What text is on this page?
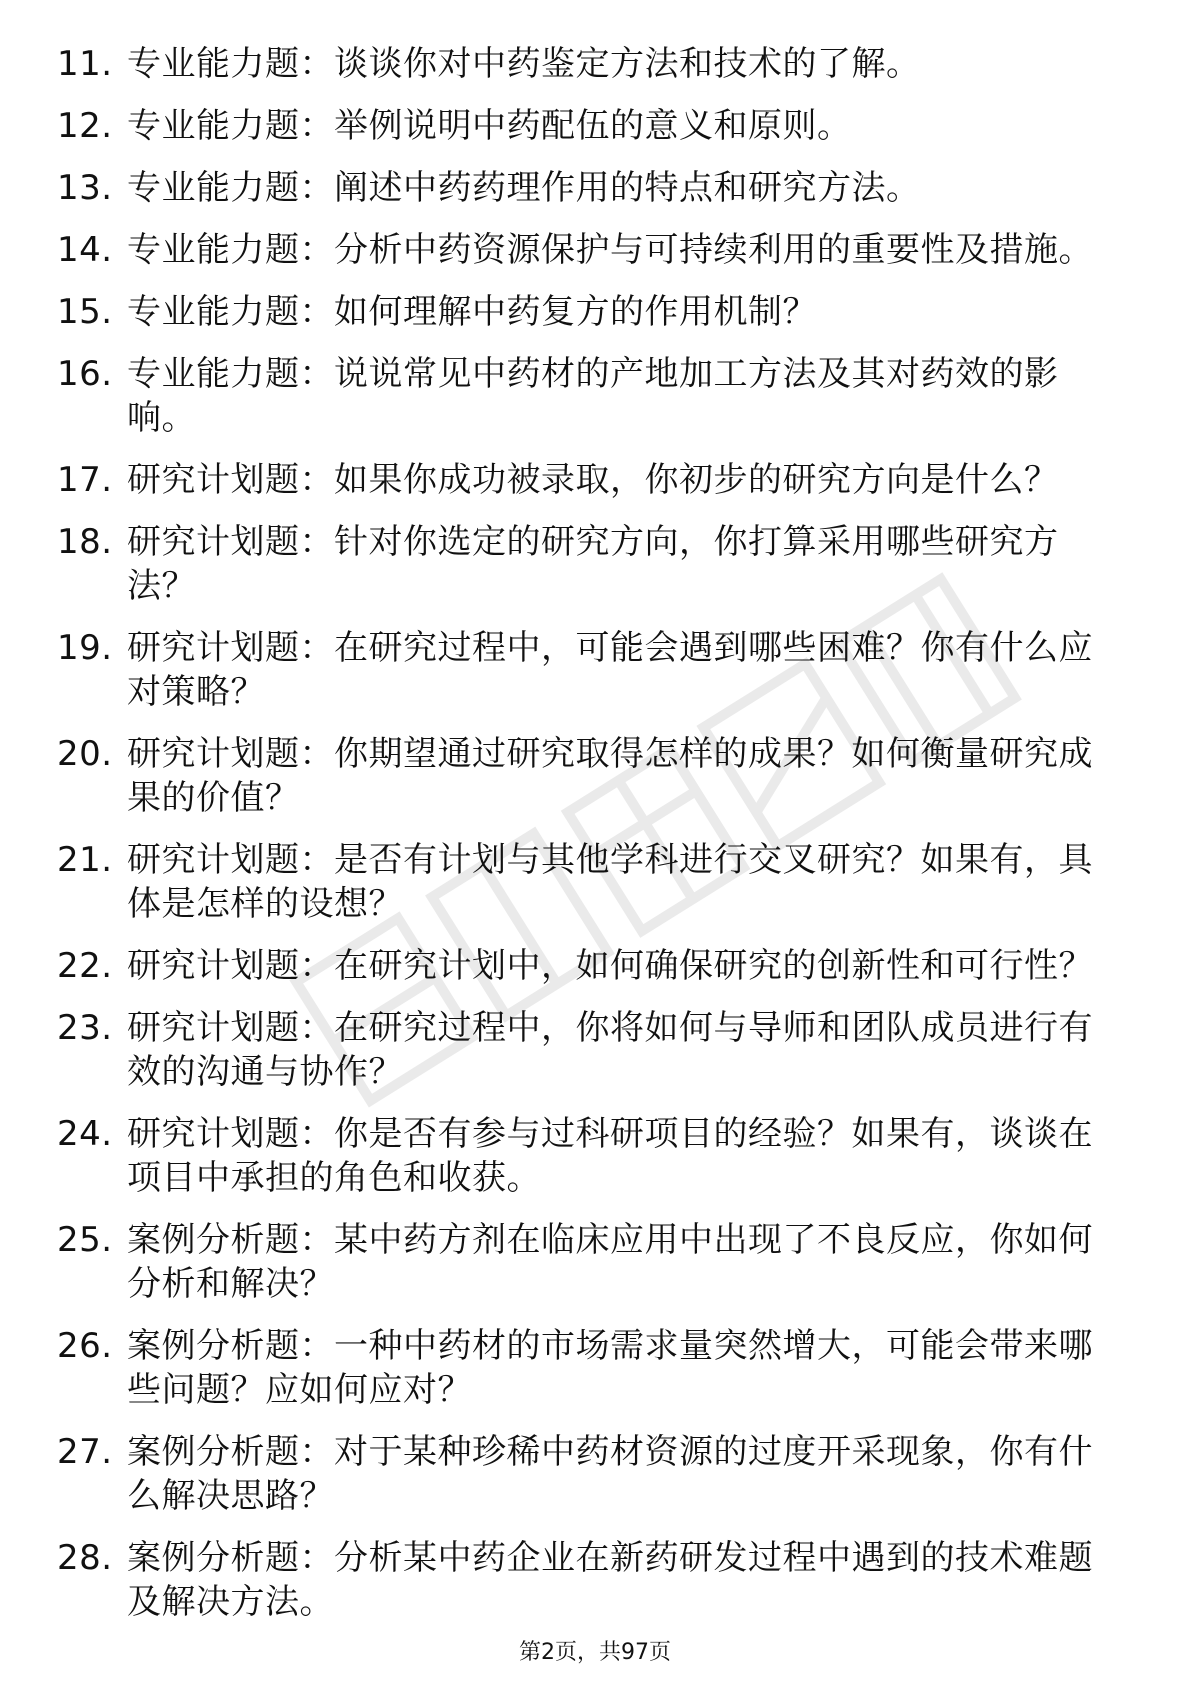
11. 专业能力题：谈谈你对中药鉴定方法和技术的了解。
12. 专业能力题：举例说明中药配伍的意义和原则。
13. 专业能力题：阐述中药药理作用的特点和研究方法。
14. 专业能力题：分析中药资源保护与可持续利用的重要性及措施。
15. 专业能力题：如何理解中药复方的作用机制？
16. 专业能力题：说说常见中药材的产地加工方法及其对药效的影响。
17. 研究计划题：如果你成功被录取，你初步的研究方向是什么？
18. 研究计划题：针对你选定的研究方向，你打算采用哪些研究方法？
19. 研究计划题：在研究过程中，可能会遇到哪些困难？你有什么应对策略？
20. 研究计划题：你期望通过研究取得怎样的成果？如何衡量研究成果的价值？
21. 研究计划题：是否有计划与其他学科进行交叉研究？如果有，具体是怎样的设想？
22. 研究计划题：在研究计划中，如何确保研究的创新性和可行性？
23. 研究计划题：在研究过程中，你将如何与导师和团队成员进行有效的沟通与协作？
24. 研究计划题：你是否有参与过科研项目的经验？如果有，谈谈在项目中承担的角色和收获。
25. 案例分析题：某中药方剂在临床应用中出现了不良反应，你如何分析和解决？
26. 案例分析题：一种中药材的市场需求量突然增大，可能会带来哪些问题？应如何应对？
27. 案例分析题：对于某种珍稀中药材资源的过度开采现象，你有什么解决思路？
28. 案例分析题：分析某中药企业在新药研发过程中遇到的技术难题及解决方法。
第2页，共97页
